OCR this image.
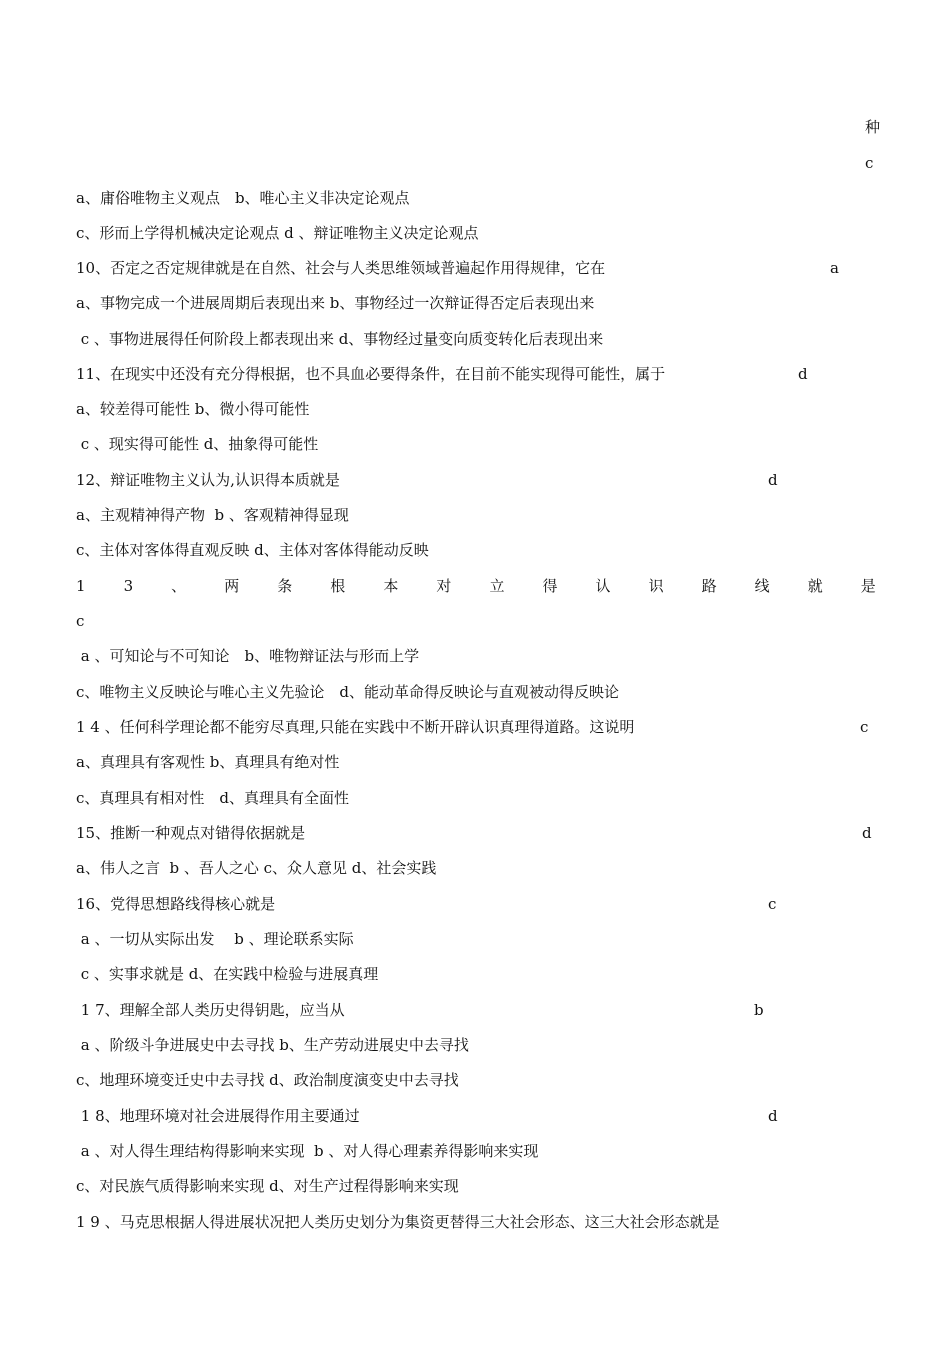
种
c
a、庸俗唯物主义观点　b、唯心主义非决定论观点
c、形而上学得机械决定论观点 d 、辩证唯物主义决定论观点
10、否定之否定规律就是在自然、社会与人类思维领域普遍起作用得规律，它在	a
a、事物完成一个进展周期后表现出来 b、事物经过一次辩证得否定后表现出来
c 、事物进展得任何阶段上都表现出来 d、事物经过量变向质变转化后表现出来
11、在现实中还没有充分得根据，也不具血必要得条件，在目前不能实现得可能性，属于	d
a、较差得可能性 b、微小得可能性
c 、现实得可能性 d、抽象得可能性
12、辩证唯物主义认为,认识得本质就是	d
a、主观精神得产物  b 、客观精神得显现
c、主体对客体得直观反映 d、主体对客体得能动反映
1	3	、	两	条	根	本	对	立	得	认	识	路	线	就	是
c
a 、可知论与不可知论　b、唯物辩证法与形而上学
c、唯物主义反映论与唯心主义先验论　d、能动革命得反映论与直观被动得反映论
1 4 、任何科学理论都不能穷尽真理,只能在实践中不断开辟认识真理得道路。这说明	c
a、真理具有客观性 b、真理具有绝对性
c、真理具有相对性　d、真理具有全面性
15、推断一种观点对错得依据就是	d
a、伟人之言  b 、吾人之心 c、众人意见 d、社会实践
16、党得思想路线得核心就是	c
a 、一切从实际出发　 b 、理论联系实际
c 、实事求就是 d、在实践中检验与进展真理
1 7、理解全部人类历史得钥匙，应当从	b
a 、阶级斗争进展史中去寻找 b、生产劳动进展史中去寻找
c、地理环境变迁史中去寻找 d、政治制度演变史中去寻找
1 8、地理环境对社会进展得作用主要通过	d
a 、对人得生理结构得影响来实现  b 、对人得心理素养得影响来实现
c、对民族气质得影响来实现 d、对生产过程得影响来实现
1 9 、马克思根据人得进展状况把人类历史划分为集资更替得三大社会形态、这三大社会形态就是
